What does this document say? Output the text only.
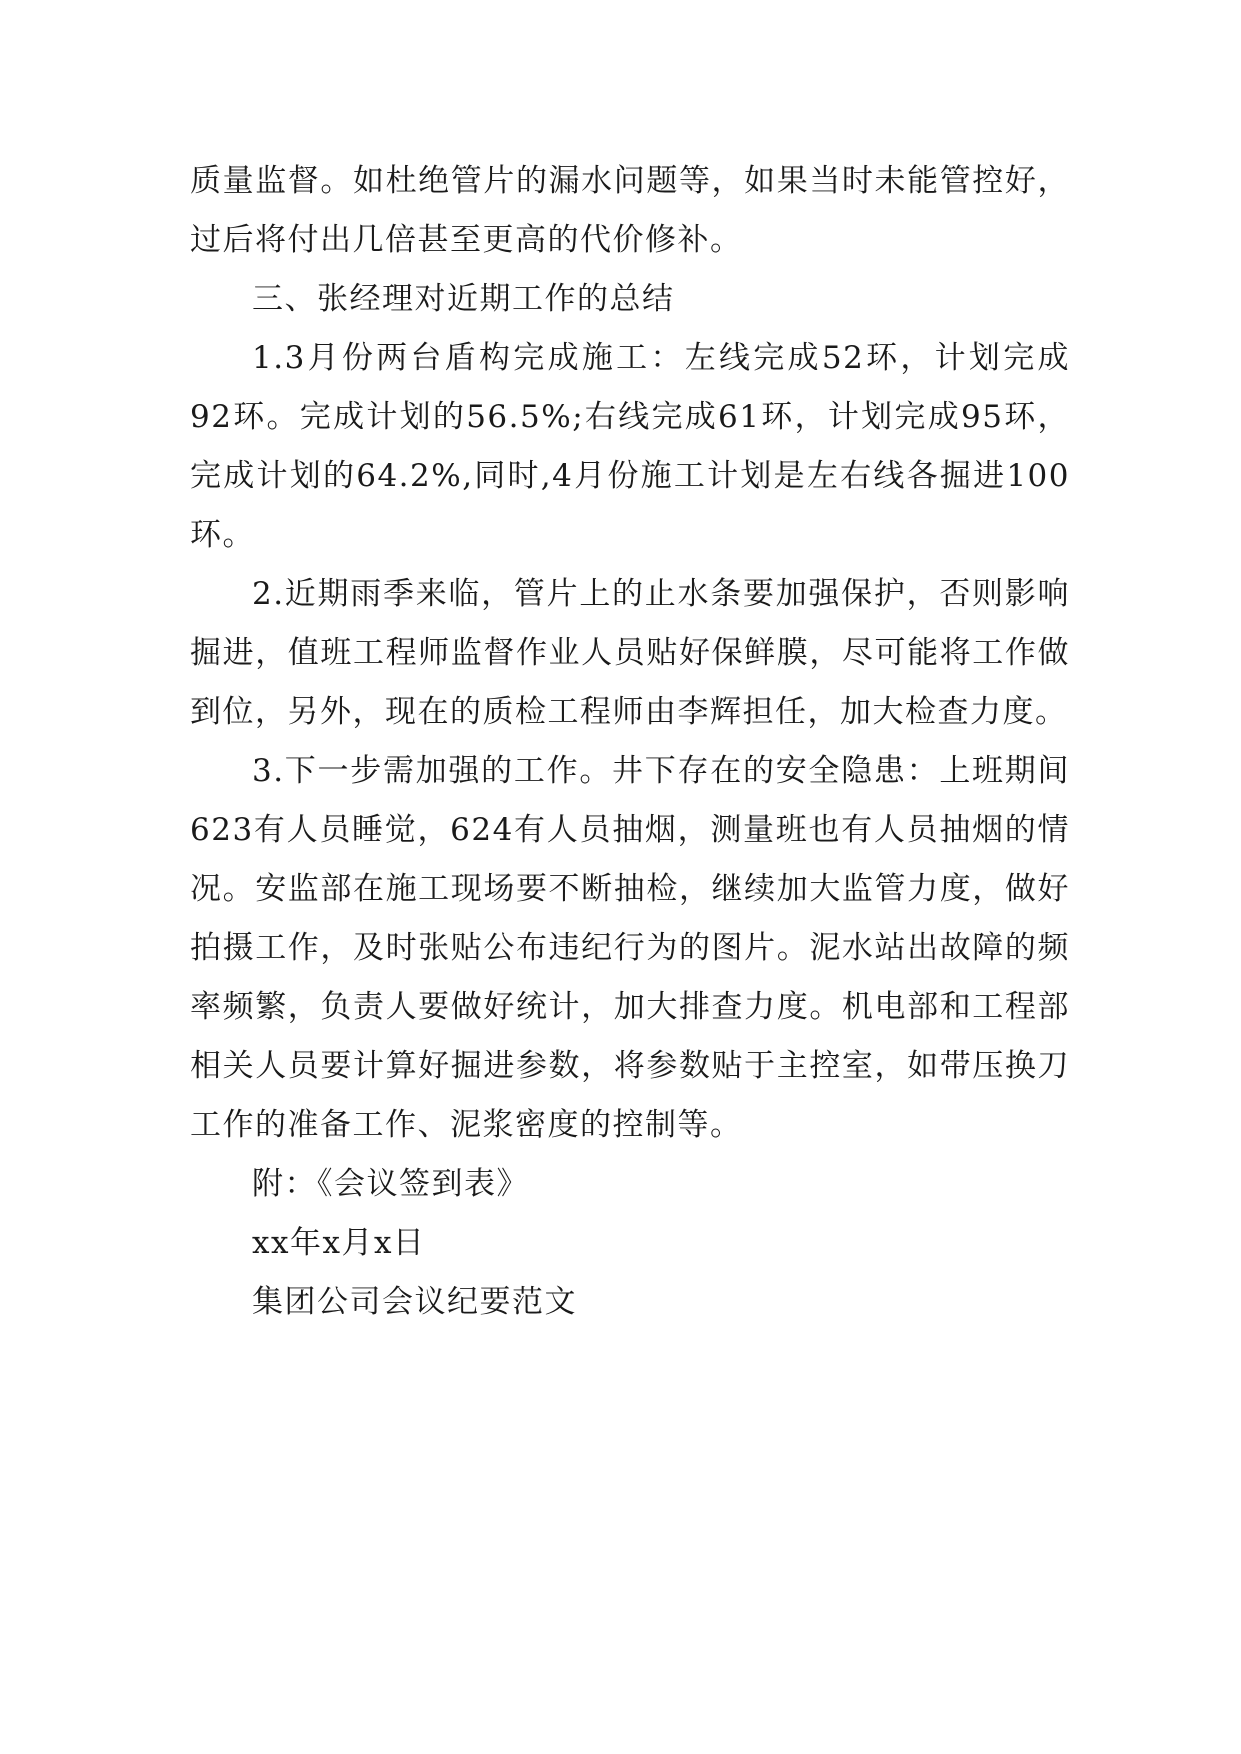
质量监督。如杜绝管片的漏水问题等，如果当时未能管控好，过后将付出几倍甚至更高的代价修补。

三、张经理对近期工作的总结

1.3月份两台盾构完成施工：左线完成52环，计划完成92环。完成计划的56.5%;右线完成61环，计划完成95环，完成计划的64.2%,同时,4月份施工计划是左右线各掘进100环。

2.近期雨季来临，管片上的止水条要加强保护，否则影响掘进，值班工程师监督作业人员贴好保鲜膜，尽可能将工作做到位，另外，现在的质检工程师由李辉担任，加大检查力度。

3.下一步需加强的工作。井下存在的安全隐患：上班期间623有人员睡觉，624有人员抽烟，测量班也有人员抽烟的情况。安监部在施工现场要不断抽检，继续加大监管力度，做好拍摄工作，及时张贴公布违纪行为的图片。泥水站出故障的频率频繁，负责人要做好统计，加大排查力度。机电部和工程部相关人员要计算好掘进参数，将参数贴于主控室，如带压换刀工作的准备工作、泥浆密度的控制等。

附：《会议签到表》

xx年x月x日

集团公司会议纪要范文
